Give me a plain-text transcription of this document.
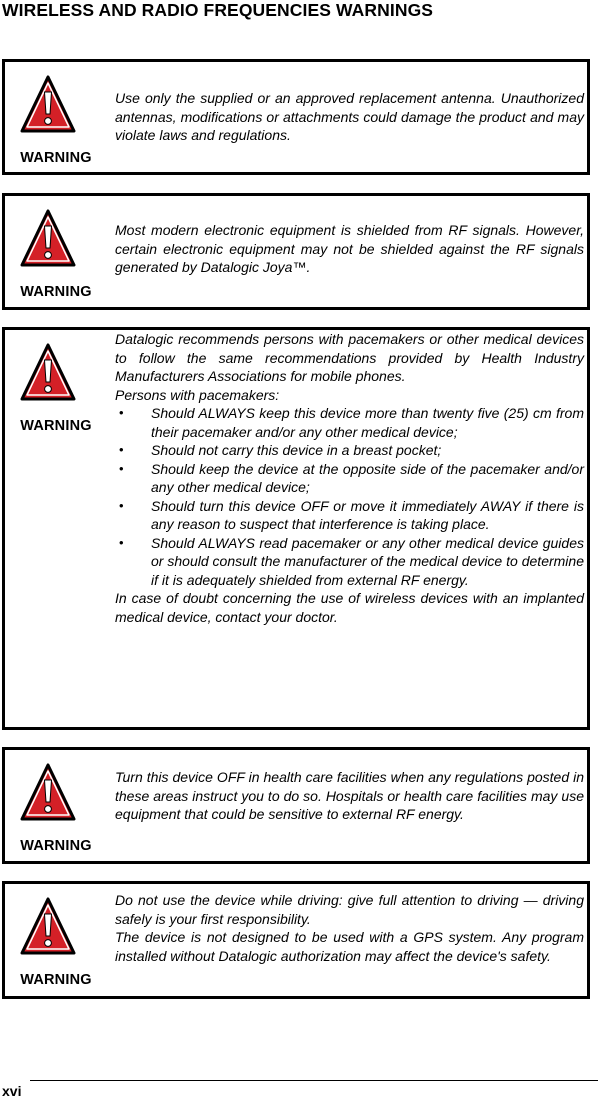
WIRELESS AND RADIO FREQUENCIES WARNINGS
WARNING

Use only the supplied or an approved replacement antenna. Unauthorized antennas, modifications or attachments could damage the product and may violate laws and regulations.

WARNING

Most modern electronic equipment is shielded from RF signals. However, certain electronic equipment may not be shielded against the RF signals generated by Datalogic Joya™.

WARNING

Datalogic recommends persons with pacemakers or other medical devices to follow the same recommendations provided by Health Industry Manufacturers Associations for mobile phones.

Persons with pacemakers:

• Should ALWAYS keep this device more than twenty five (25) cm from their pacemaker and/or any other medical device;
• Should not carry this device in a breast pocket;
• Should keep the device at the opposite side of the pacemaker and/or any other medical device;
• Should turn this device OFF or move it immediately AWAY if there is any reason to suspect that interference is taking place.
• Should ALWAYS read pacemaker or any other medical device guides or should consult the manufacturer of the medical device to determine if it is adequately shielded from external RF energy.

In case of doubt concerning the use of wireless devices with an implanted medical device, contact your doctor.

WARNING

Turn this device OFF in health care facilities when any regulations posted in these areas instruct you to do so. Hospitals or health care facilities may use equipment that could be sensitive to external RF energy.

WARNING

Do not use the device while driving: give full attention to driving — driving safely is your first responsibility.

The device is not designed to be used with a GPS system. Any program installed without Datalogic authorization may affect the device's safety.

xvi
